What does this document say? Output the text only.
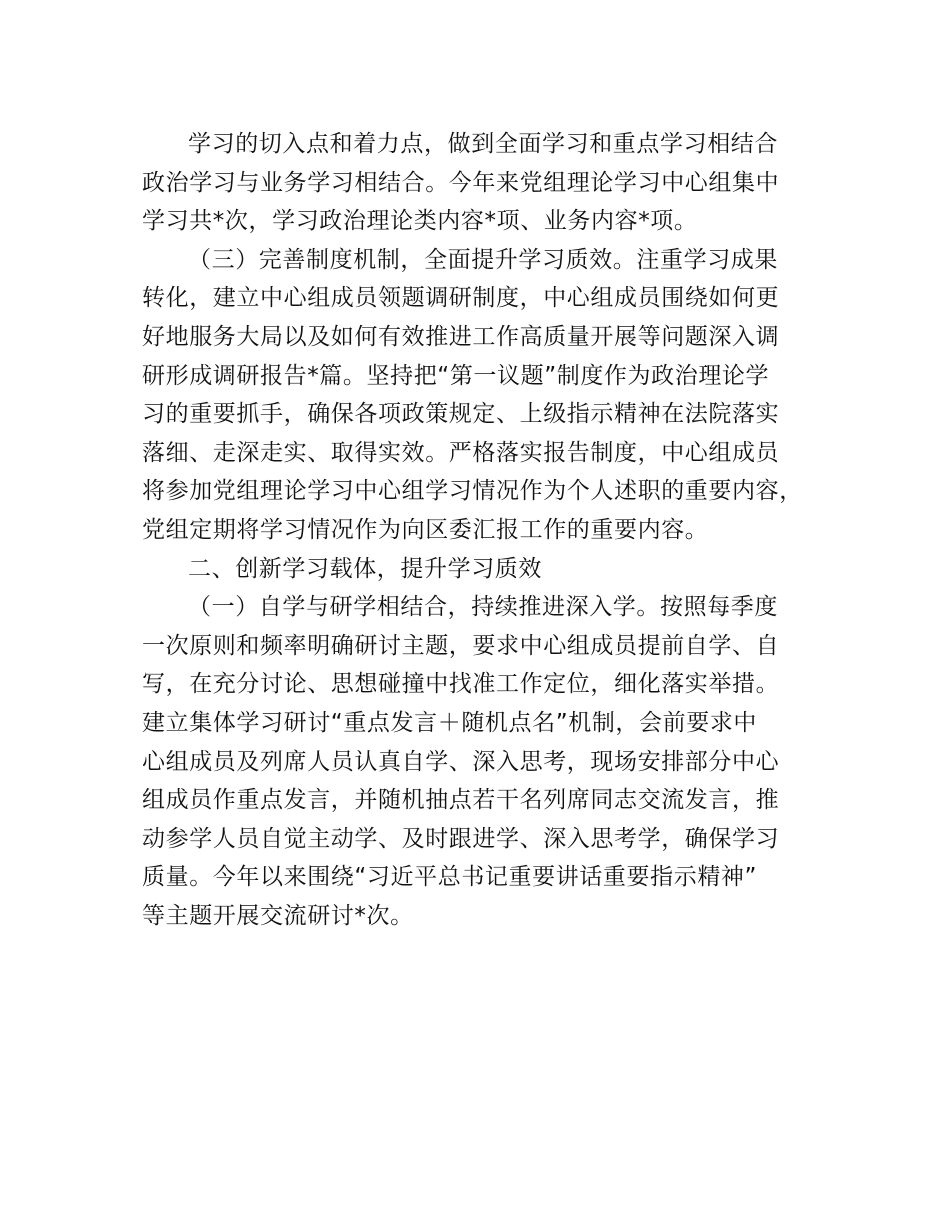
学习的切入点和着力点，做到全面学习和重点学习相结合
政治学习与业务学习相结合。今年来党组理论学习中心组集中
学习共*次，学习政治理论类内容*项、业务内容*项。
（三）完善制度机制，全面提升学习质效。注重学习成果
转化，建立中心组成员领题调研制度，中心组成员围绕如何更
好地服务大局以及如何有效推进工作高质量开展等问题深入调
研形成调研报告*篇。坚持把“第一议题”制度作为政治理论学
习的重要抓手，确保各项政策规定、上级指示精神在法院落实
落细、走深走实、取得实效。严格落实报告制度，中心组成员
将参加党组理论学习中心组学习情况作为个人述职的重要内容，
党组定期将学习情况作为向区委汇报工作的重要内容。
二、创新学习载体，提升学习质效
（一）自学与研学相结合，持续推进深入学。按照每季度
一次原则和频率明确研讨主题，要求中心组成员提前自学、自
写，在充分讨论、思想碰撞中找准工作定位，细化落实举措。
建立集体学习研讨“重点发言＋随机点名”机制，会前要求中
心组成员及列席人员认真自学、深入思考，现场安排部分中心
组成员作重点发言，并随机抽点若干名列席同志交流发言，推
动参学人员自觉主动学、及时跟进学、深入思考学，确保学习
质量。今年以来围绕“习近平总书记重要讲话重要指示精神”
等主题开展交流研讨*次。
